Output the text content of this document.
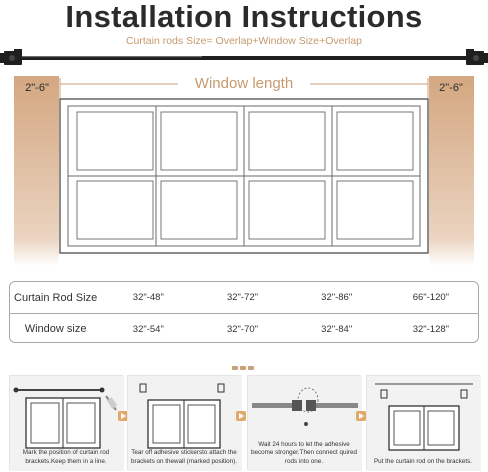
Installation Instructions
Curtain rods Size= Overlap+Window Size+Overlap
2"-6"	2"-6"
Window length
Curtain Rod Size	32"-48"	32"-72"	32"-86"	66"-120"
Window size	32"-54"	32"-70"	32"-84"	32"-128"
Mark the position of curtain rod brackets.Keep them in a line.
Tear off adhesive stickersto attach the brackets on thewall (marked position).
Wait 24 hours to let the adhesive become stronger.Then connect quired rods into one.	Put the curtain rod on the brackets.
